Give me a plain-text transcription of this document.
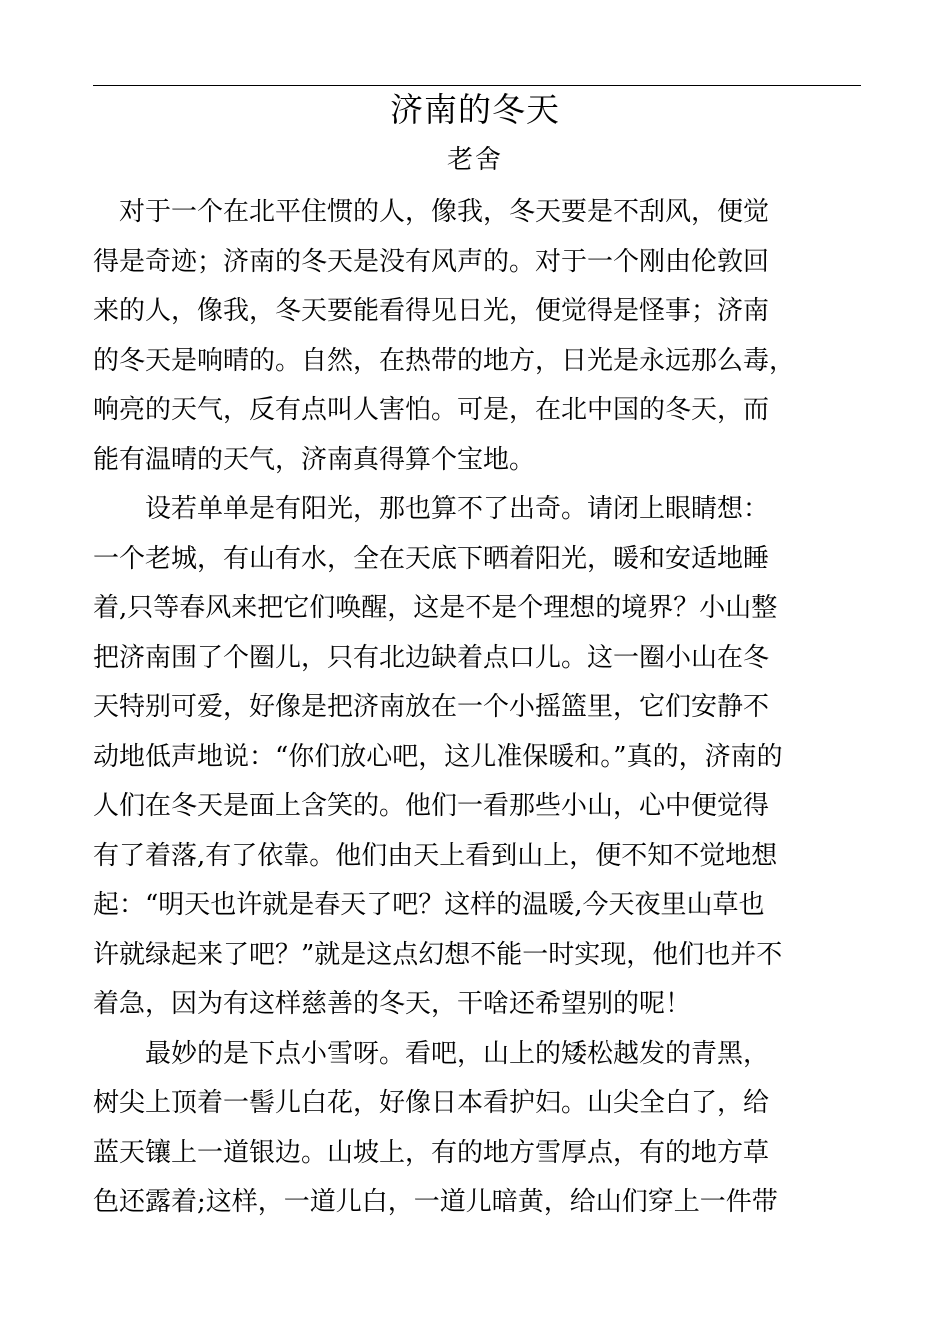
济南的冬天
老舍
　对于一个在北平住惯的人，像我，冬天要是不刮风，便觉
得是奇迹；济南的冬天是没有风声的。对于一个刚由伦敦回
来的人，像我，冬天要能看得见日光，便觉得是怪事；济南
的冬天是响晴的。自然，在热带的地方，日光是永远那么毒，
响亮的天气，反有点叫人害怕。可是，在北中国的冬天，而
能有温晴的天气，济南真得算个宝地。
　　设若单单是有阳光，那也算不了出奇。请闭上眼睛想：
一个老城，有山有水，全在天底下晒着阳光，暖和安适地睡
着,只等春风来把它们唤醒，这是不是个理想的境界？小山整
把济南围了个圈儿，只有北边缺着点口儿。这一圈小山在冬
天特别可爱，好像是把济南放在一个小摇篮里，它们安静不
动地低声地说：“你们放心吧，这儿准保暖和。”真的，济南的
人们在冬天是面上含笑的。他们一看那些小山，心中便觉得
有了着落,有了依靠。他们由天上看到山上，便不知不觉地想
起：“明天也许就是春天了吧？这样的温暖,今天夜里山草也
许就绿起来了吧？”就是这点幻想不能一时实现，他们也并不
着急，因为有这样慈善的冬天，干啥还希望别的呢！
　　最妙的是下点小雪呀。看吧，山上的矮松越发的青黑，
树尖上顶着一髻儿白花，好像日本看护妇。山尖全白了，给
蓝天镶上一道银边。山坡上，有的地方雪厚点，有的地方草
色还露着;这样，一道儿白，一道儿暗黄，给山们穿上一件带
